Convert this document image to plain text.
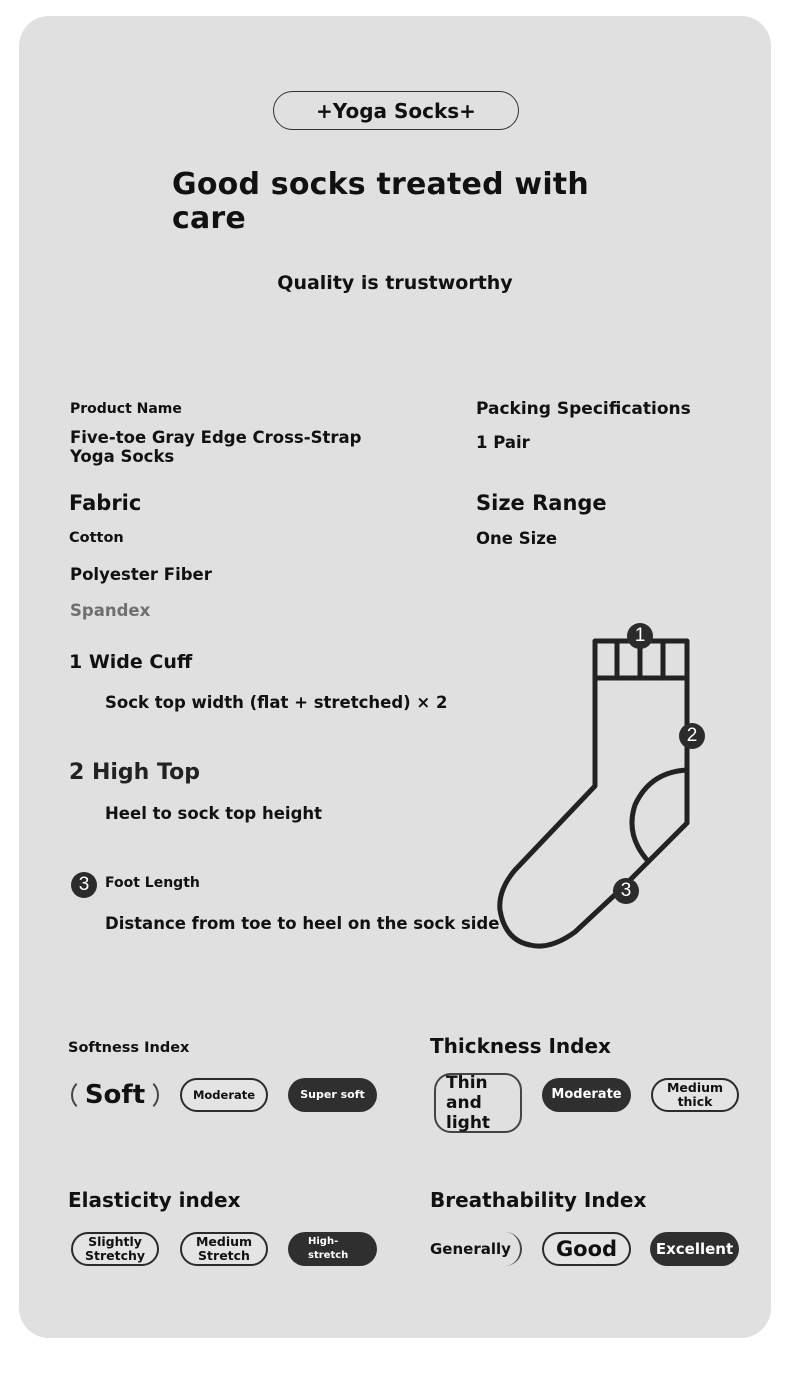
+Yoga Socks+
Good socks treated with care
Quality is trustworthy
Product Name
Five-toe Gray Edge Cross-Strap Yoga Socks
Packing Specifications
1 Pair
Fabric
Cotton
Polyester Fiber
Spandex
Size Range
One Size
1 Wide Cuff
Sock top width (flat + stretched) × 2
2 High Top
Heel to sock top height
3	Foot Length
Distance from toe to heel on the sock side
1
2
3
Softness Index
Soft	Moderate	Super soft
Thickness Index
Thin and light
Moderate	Medium thick
Elasticity index
Slightly Stretchy
Medium Stretch
High-stretch
Breathability Index
Generally	Good	Excellent
